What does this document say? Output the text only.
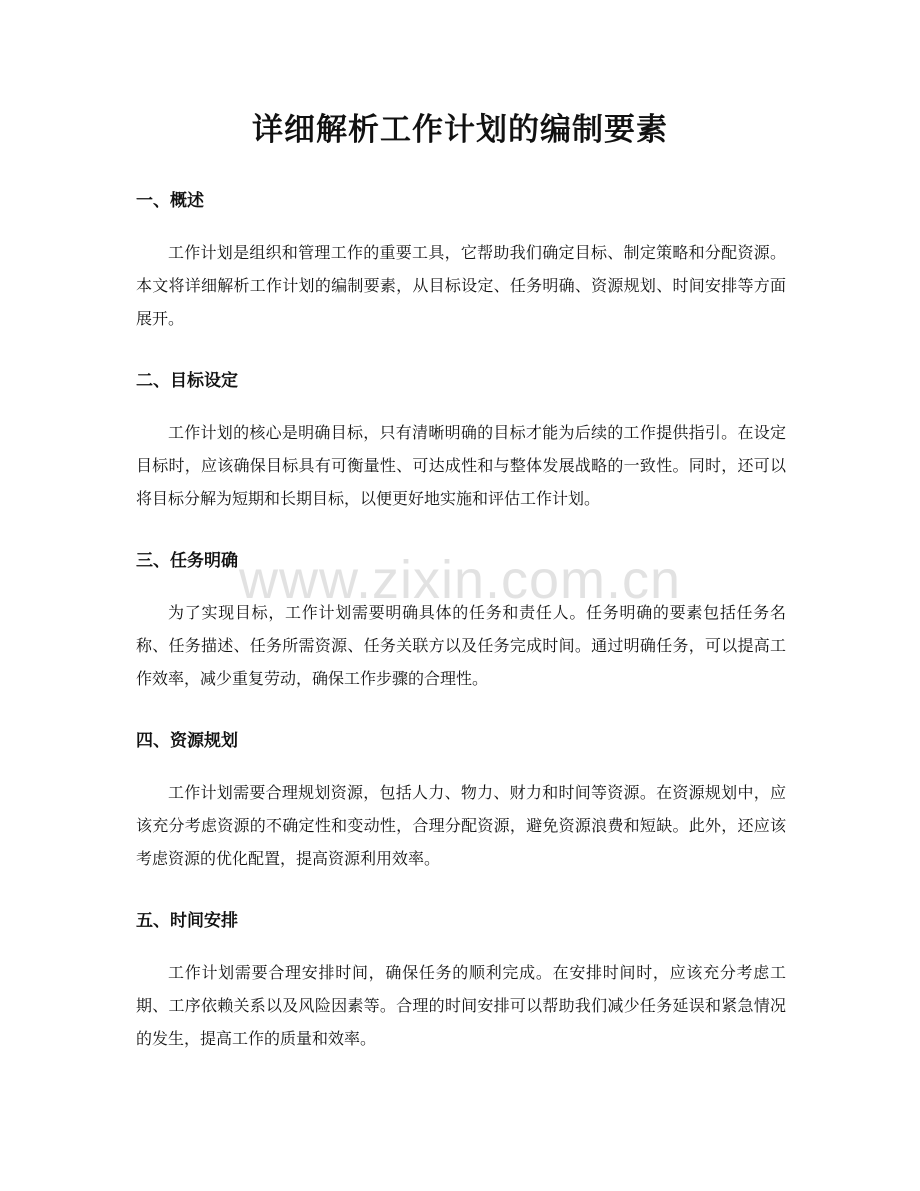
详细解析工作计划的编制要素
一、概述

工作计划是组织和管理工作的重要工具，它帮助我们确定目标、制定策略和分配资源。本文将详细解析工作计划的编制要素，从目标设定、任务明确、资源规划、时间安排等方面展开。

二、目标设定

工作计划的核心是明确目标，只有清晰明确的目标才能为后续的工作提供指引。在设定目标时，应该确保目标具有可衡量性、可达成性和与整体发展战略的一致性。同时，还可以将目标分解为短期和长期目标，以便更好地实施和评估工作计划。

三、任务明确

为了实现目标，工作计划需要明确具体的任务和责任人。任务明确的要素包括任务名称、任务描述、任务所需资源、任务关联方以及任务完成时间。通过明确任务，可以提高工作效率，减少重复劳动，确保工作步骤的合理性。

四、资源规划

工作计划需要合理规划资源，包括人力、物力、财力和时间等资源。在资源规划中，应该充分考虑资源的不确定性和变动性，合理分配资源，避免资源浪费和短缺。此外，还应该考虑资源的优化配置，提高资源利用效率。

五、时间安排

工作计划需要合理安排时间，确保任务的顺利完成。在安排时间时，应该充分考虑工期、工序依赖关系以及风险因素等。合理的时间安排可以帮助我们减少任务延误和紧急情况的发生，提高工作的质量和效率。

www.zixin.com.cn
